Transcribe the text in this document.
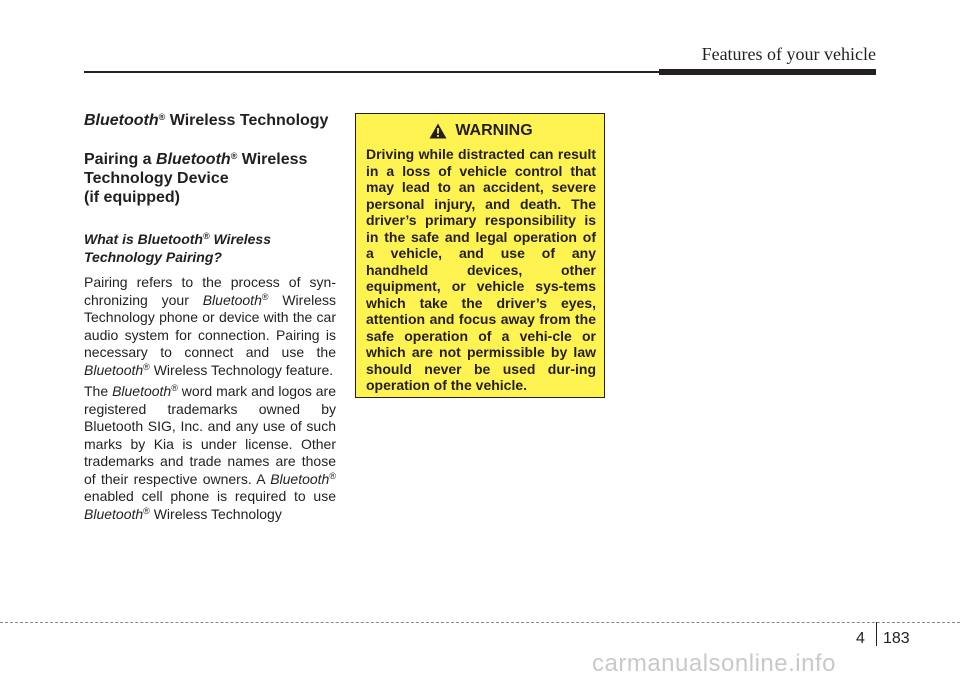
Features of your vehicle
Bluetooth® Wireless Technology
Pairing a Bluetooth® Wireless
Technology Device
(if equipped)
What is Bluetooth® Wireless Technology Pairing?

Pairing refers to the process of syn-chronizing your Bluetooth® Wireless Technology phone or device with the car audio system for connection. Pairing is necessary to connect and use the Bluetooth® Wireless Technology feature.

The Bluetooth® word mark and logos are registered trademarks owned by Bluetooth SIG, Inc. and any use of such marks by Kia is under license. Other trademarks and trade names are those of their respective owners. A Bluetooth® enabled cell phone is required to use Bluetooth® Wireless Technology

WARNING
Driving while distracted can result in a loss of vehicle control that may lead to an accident, severe personal injury, and death. The driver’s primary responsibility is in the safe and legal operation of a vehicle, and use of any handheld devices, other equipment, or vehicle sys-tems which take the driver’s eyes, attention and focus away from the safe operation of a vehi-cle or which are not permissible by law should never be used dur-ing operation of the vehicle.
4 183
carmanualsonline.info
